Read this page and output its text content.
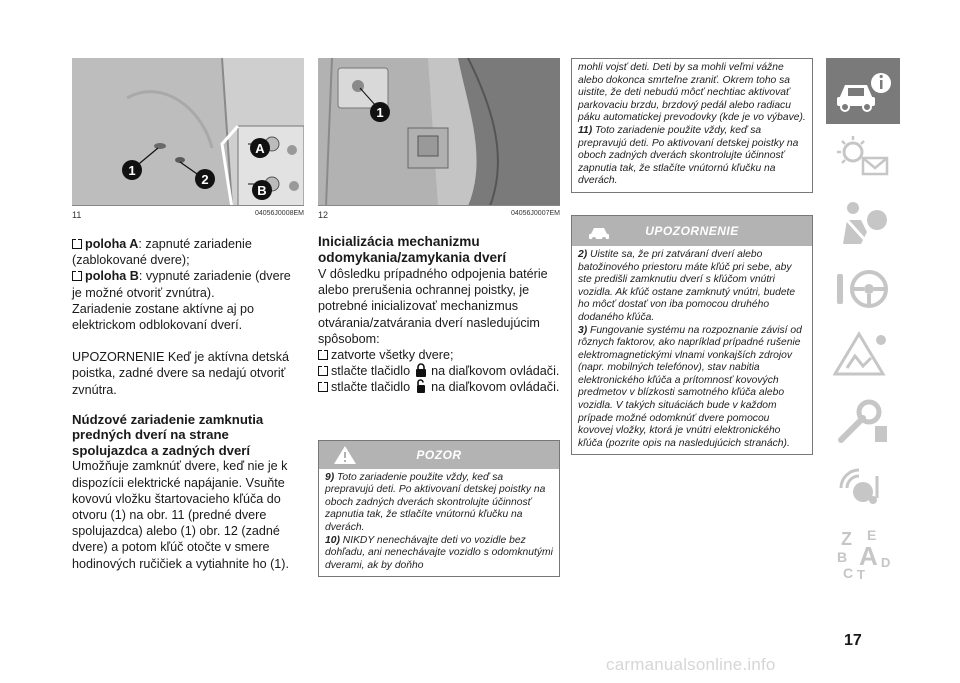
1
2
A
B
11	04056J0008EM
poloha A: zapnuté zariadenie (zablokované dvere);
poloha B: vypnuté zariadenie (dvere je možné otvoriť zvnútra).

Zariadenie zostane aktívne aj po elektrickom odblokovaní dverí.

UPOZORNENIE Keď je aktívna detská poistka, zadné dvere sa nedajú otvoriť zvnútra.

Núdzové zariadenie zamknutia predných dverí na strane spolujazdca a zadných dverí

Umožňuje zamknúť dvere, keď nie je k dispozícii elektrické napájanie. Vsuňte kovovú vložku štartovacieho kľúča do otvoru (1) na obr. 11 (predné dvere spolujazdca) alebo (1) obr. 12 (zadné dvere) a potom kľúč otočte v smere hodinových ručičiek a vytiahnite ho (1).

1
12	04056J0007EM
Inicializácia mechanizmu odomykania/zamykania dverí

V dôsledku prípadného odpojenia batérie alebo prerušenia ochrannej poistky, je potrebné inicializovať mechanizmus otvárania/zatvárania dverí nasledujúcim spôsobom:

zatvorte všetky dvere;
stlačte tlačidlo na diaľkovom ovládači.
stlačte tlačidlo na diaľkovom ovládači.
POZOR
9) Toto zariadenie použite vždy, keď sa prepravujú deti. Po aktivovaní detskej poistky na oboch zadných dverách skontrolujte účinnosť zapnutia tak, že stlačíte vnútornú kľučku na dverách.
10) NIKDY nenechávajte deti vo vozidle bez dohľadu, ani nenechávajte vozidlo s odomknutými dverami, ak by doňho
mohli vojsť deti. Deti by sa mohli veľmi vážne alebo dokonca smrteľne zraniť. Okrem toho sa uistite, že deti nebudú môcť nechtiac aktivovať parkovaciu brzdu, brzdový pedál alebo radiacu páku automatickej prevodovky (kde je vo výbave).
11) Toto zariadenie použite vždy, keď sa prepravujú deti. Po aktivovaní detskej poistky na oboch zadných dverách skontrolujte účinnosť zapnutia tak, že stlačíte vnútornú kľučku na dverách.
UPOZORNENIE
2) Uistite sa, že pri zatváraní dverí alebo batožinového priestoru máte kľúč pri sebe, aby ste predišli zamknutiu dverí s kľúčom vnútri vozidla. Ak kľúč ostane zamknutý vnútri, budete ho môcť dostať von iba pomocou druhého dodaného kľúča.
3) Fungovanie systému na rozpoznanie závisí od rôznych faktorov, ako napríklad prípadné rušenie elektromagnetickými vlnami vonkajších zdrojov (napr. mobilných telefónov), stav nabitia elektronického kľúča a prítomnosť kovových predmetov v blízkosti samotného kľúča alebo vozidla. V takých situáciách bude v každom prípade možné odomknúť dvere pomocou kovovej vložky, ktorá je vnútri elektronického kľúča (pozrite opis na nasledujúcich stranách).
Z E
A
B	D
C T
17
carmanualsonline.info
